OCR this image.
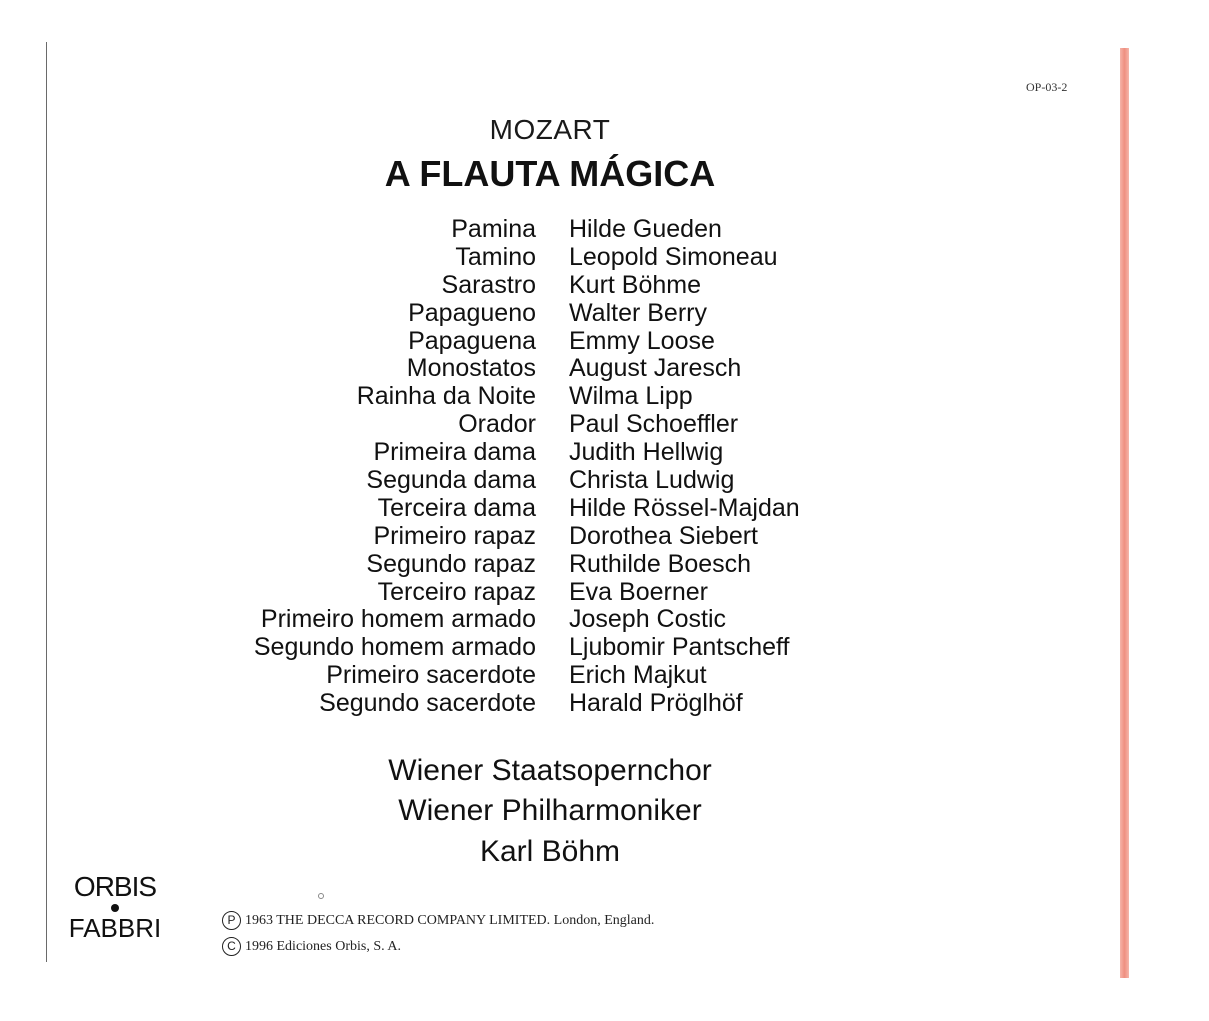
OP-03-2
MOZART
A FLAUTA MÁGICA
Pamina Hilde Gueden
Tamino Leopold Simoneau
Sarastro Kurt Böhme
Papagueno Walter Berry
Papaguena Emmy Loose
Monostatos August Jaresch
Rainha da Noite Wilma Lipp
Orador Paul Schoeffler
Primeira dama Judith Hellwig
Segunda dama Christa Ludwig
Terceira dama Hilde Rössel-Majdan
Primeiro rapaz Dorothea Siebert
Segundo rapaz Ruthilde Boesch
Terceiro rapaz Eva Boerner
Primeiro homem armado Joseph Costic
Segundo homem armado Ljubomir Pantscheff
Primeiro sacerdote Erich Majkut
Segundo sacerdote Harald Pröglhöf
Wiener Staatsopernchor
Wiener Philharmoniker
Karl Böhm
ORBIS
FABBRI	P 1963 THE DECCA RECORD COMPANY LIMITED. London, England.
C 1996 Ediciones Orbis, S. A.
